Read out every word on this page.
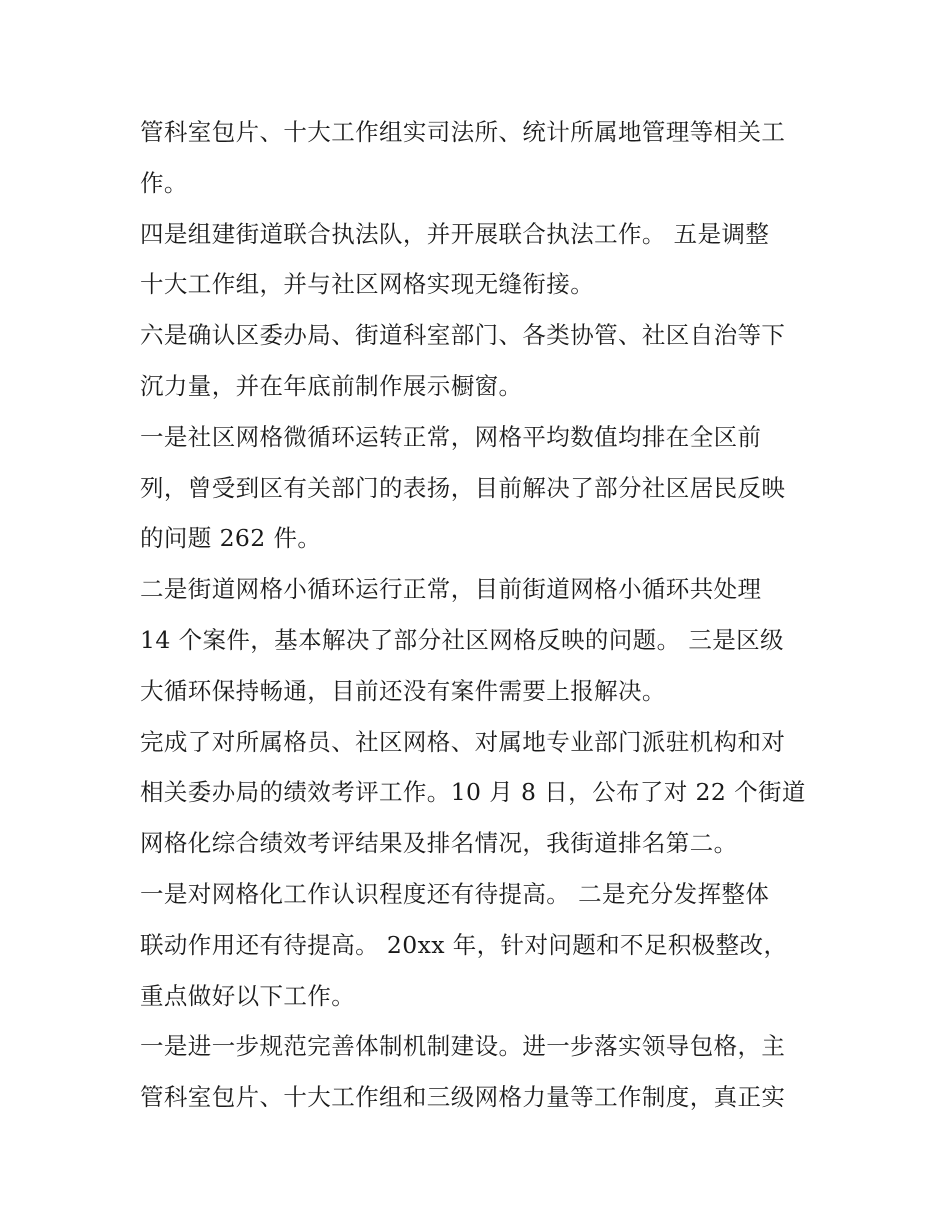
管科室包片、十大工作组实司法所、统计所属地管理等相关工
作。
四是组建街道联合执法队，并开展联合执法工作。 五是调整
十大工作组，并与社区网格实现无缝衔接。
六是确认区委办局、街道科室部门、各类协管、社区自治等下
沉力量，并在年底前制作展示橱窗。
一是社区网格微循环运转正常，网格平均数值均排在全区前
列，曾受到区有关部门的表扬，目前解决了部分社区居民反映
的问题 262 件。
二是街道网格小循环运行正常，目前街道网格小循环共处理
14 个案件，基本解决了部分社区网格反映的问题。 三是区级
大循环保持畅通，目前还没有案件需要上报解决。
完成了对所属格员、社区网格、对属地专业部门派驻机构和对
相关委办局的绩效考评工作。10 月 8 日，公布了对 22 个街道
网格化综合绩效考评结果及排名情况，我街道排名第二。
一是对网格化工作认识程度还有待提高。 二是充分发挥整体
联动作用还有待提高。 20xx 年，针对问题和不足积极整改，
重点做好以下工作。
一是进一步规范完善体制机制建设。进一步落实领导包格，主
管科室包片、十大工作组和三级网格力量等工作制度，真正实
